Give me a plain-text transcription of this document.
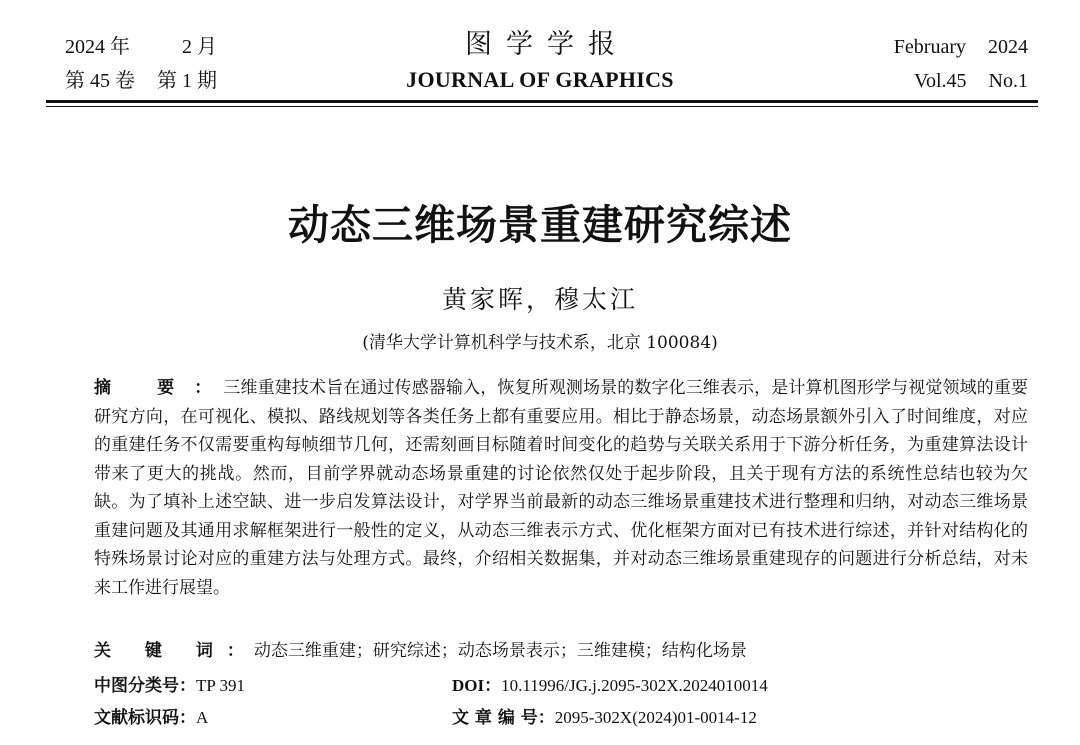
2024 年	2 月
第 45 卷 第 1 期
图学学报
JOURNAL OF GRAPHICS
February 2024
Vol.45 No.1
动态三维场景重建研究综述
黄家晖，穆太江
(清华大学计算机科学与技术系，北京 100084)
摘 要：三维重建技术旨在通过传感器输入，恢复所观测场景的数字化三维表示，是计算机图形学与视觉领域的重要研究方向，在可视化、模拟、路线规划等各类任务上都有重要应用。相比于静态场景，动态场景额外引入了时间维度，对应的重建任务不仅需要重构每帧细节几何，还需刻画目标随着时间变化的趋势与关联关系用于下游分析任务，为重建算法设计带来了更大的挑战。然而，目前学界就动态场景重建的讨论依然仅处于起步阶段，且关于现有方法的系统性总结也较为欠缺。为了填补上述空缺、进一步启发算法设计，对学界当前最新的动态三维场景重建技术进行整理和归纳，对动态三维场景重建问题及其通用求解框架进行一般性的定义，从动态三维表示方式、优化框架方面对已有技术进行综述，并针对结构化的特殊场景讨论对应的重建方法与处理方式。最终，介绍相关数据集，并对动态三维场景重建现存的问题进行分析总结，对未来工作进行展望。
关 键 词：动态三维重建；研究综述；动态场景表示；三维建模；结构化场景
中图分类号：TP 391	DOI：10.11996/JG.j.2095-302X.2024010014
文献标识码：A	文 章 编 号：2095-302X(2024)01-0014-12
